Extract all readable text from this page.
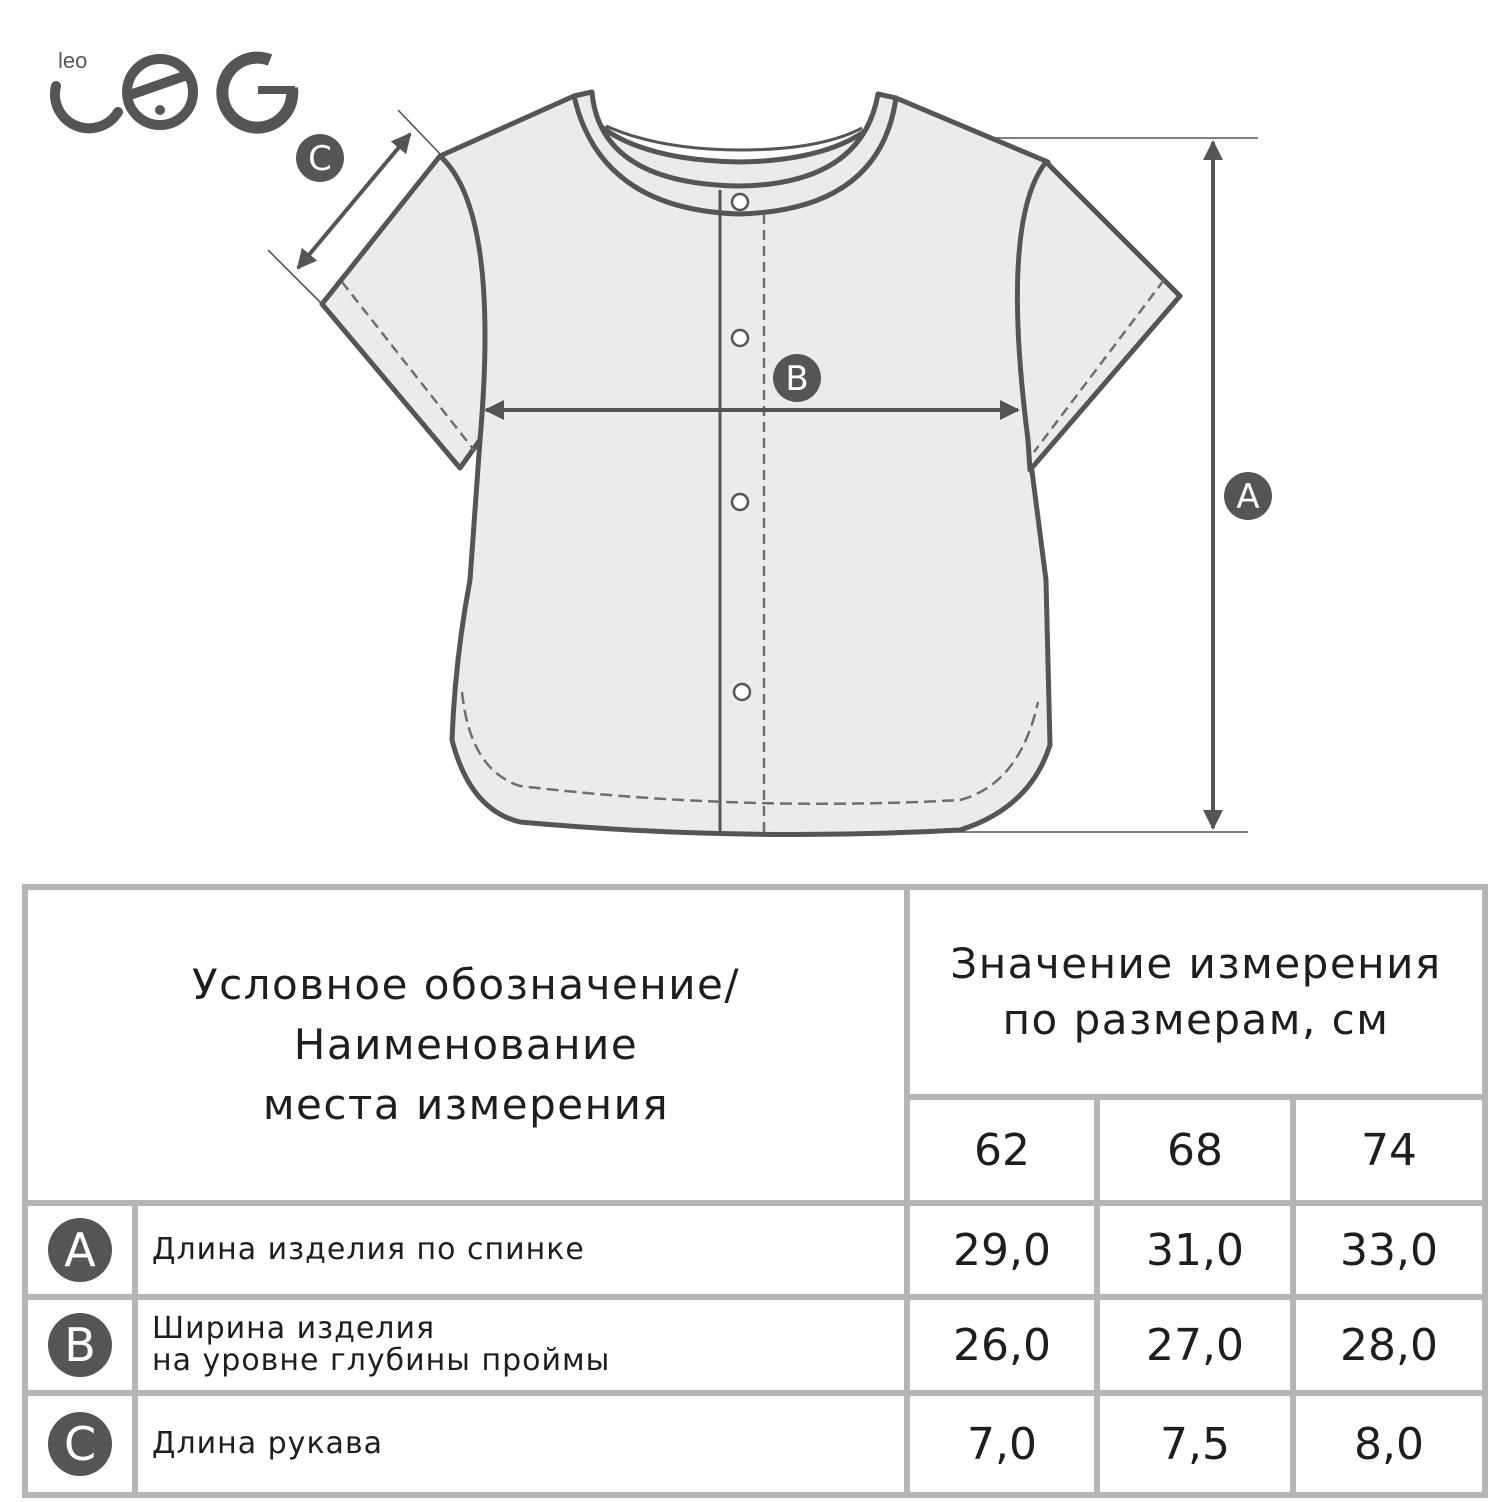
leo
A
B
C
Условное обозначение/
Наименование
места измерения		Значение измерения
по размерам, см		

		62	68	74
A	Длина изделия по спинке	29,0	31,0	33,0
B	Ширина изделия
на уровне глубины проймы	26,0	27,0	28,0
C	Длина рукава	7,0	7,5	8,0
